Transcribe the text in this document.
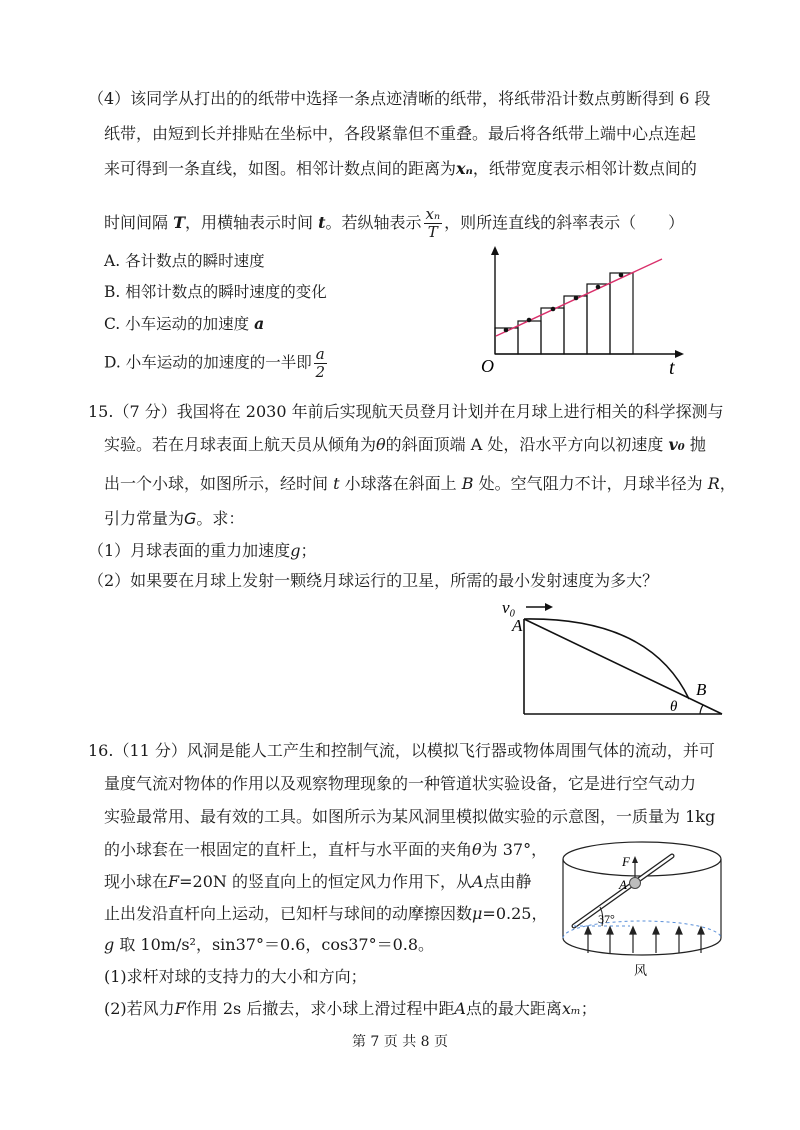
（4）该同学从打出的的纸带中选择一条点迹清晰的纸带，将纸带沿计数点剪断得到 6 段
纸带，由短到长并排贴在坐标中，各段紧靠但不重叠。最后将各纸带上端中心点连起
来可得到一条直线，如图。相邻计数点间的距离为xₙ，纸带宽度表示相邻计数点间的
时间间隔 T，用横轴表示时间 t。若纵轴表示 $\frac{\text{xₙ}}{T}$ ，则所连直线的斜率表示（　　）
A. 各计数点的瞬时速度
B. 相邻计数点的瞬时速度的变化
C. 小车运动的加速度 a
D. 小车运动的加速度的一半即 $\frac{a}{2}$	O	t
15.（7 分）我国将在 2030 年前后实现航天员登月计划并在月球上进行相关的科学探测与
实验。若在月球表面上航天员从倾角为θ的斜面顶端 A 处，沿水平方向以初速度 v₀ 抛
出一个小球，如图所示，经时间 t 小球落在斜面上 B 处。空气阻力不计，月球半径为 R，
引力常量为G。求：
（1）月球表面的重力加速度g；
（2）如果要在月球上发射一颗绕月球运行的卫星，所需的最小发射速度为多大？
v₀
A
B
θ
16.（11 分）风洞是能人工产生和控制气流，以模拟飞行器或物体周围气体的流动，并可
量度气流对物体的作用以及观察物理现象的一种管道状实验设备，它是进行空气动力
实验最常用、最有效的工具。如图所示为某风洞里模拟做实验的示意图，一质量为 1kg
的小球套在一根固定的直杆上，直杆与水平面的夹角θ为 37°，
现小球在F=20N 的竖直向上的恒定风力作用下，从A点由静
止出发沿直杆向上运动，已知杆与球间的动摩擦因数μ=0.25，
g 取 10m/s²，sin37°＝0.6，cos37°＝0.8。
(1)求杆对球的支持力的大小和方向；
(2)若风力F作用 2s 后撤去，求小球上滑过程中距A点的最大距离xₘ；
F
A
37°
风
第 7 页 共 8 页
